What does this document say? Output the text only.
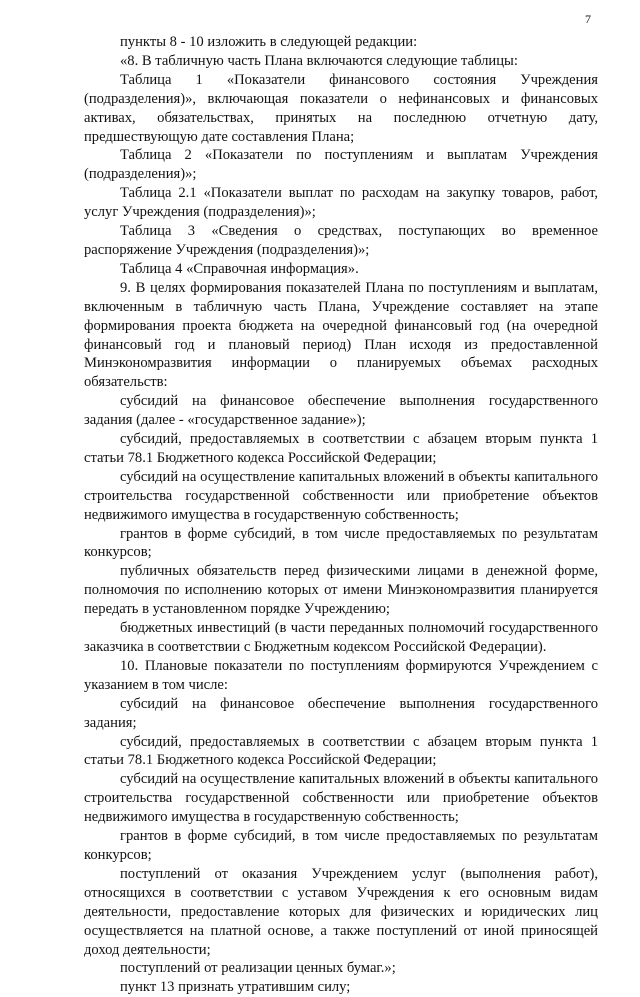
7

пункты 8 - 10 изложить в следующей редакции:

«8. В табличную часть Плана включаются следующие таблицы:

Таблица 1 «Показатели финансового состояния Учреждения (подразделения)», включающая показатели о нефинансовых и финансовых активах, обязательствах, принятых на последнюю отчетную дату, предшествующую дате составления Плана;

Таблица 2 «Показатели по поступлениям и выплатам Учреждения (подразделения)»;

Таблица 2.1 «Показатели выплат по расходам на закупку товаров, работ, услуг Учреждения (подразделения)»;

Таблица 3 «Сведения о средствах, поступающих во временное распоряжение Учреждения (подразделения)»;

Таблица 4 «Справочная информация».

9. В целях формирования показателей Плана по поступлениям и выплатам, включенным в табличную часть Плана, Учреждение составляет на этапе формирования проекта бюджета на очередной финансовый год (на очередной финансовый год и плановый период) План исходя из предоставленной Минэкономразвития информации о планируемых объемах расходных обязательств:

субсидий на финансовое обеспечение выполнения государственного задания (далее - «государственное задание»);

субсидий, предоставляемых в соответствии с абзацем вторым пункта 1 статьи 78.1 Бюджетного кодекса Российской Федерации;

субсидий на осуществление капитальных вложений в объекты капитального строительства государственной собственности или приобретение объектов недвижимого имущества в государственную собственность;

грантов в форме субсидий, в том числе предоставляемых по результатам конкурсов;

публичных обязательств перед физическими лицами в денежной форме, полномочия по исполнению которых от имени Минэкономразвития планируется передать в установленном порядке Учреждению;

бюджетных инвестиций (в части переданных полномочий государственного заказчика в соответствии с Бюджетным кодексом Российской Федерации).

10. Плановые показатели по поступлениям формируются Учреждением с указанием в том числе:

субсидий на финансовое обеспечение выполнения государственного задания;

субсидий, предоставляемых в соответствии с абзацем вторым пункта 1 статьи 78.1 Бюджетного кодекса Российской Федерации;

субсидий на осуществление капитальных вложений в объекты капитального строительства государственной собственности или приобретение объектов недвижимого имущества в государственную собственность;

грантов в форме субсидий, в том числе предоставляемых по результатам конкурсов;

поступлений от оказания Учреждением услуг (выполнения работ), относящихся в соответствии с уставом Учреждения к его основным видам деятельности, предоставление которых для физических и юридических лиц осуществляется на платной основе, а также поступлений от иной приносящей доход деятельности;

поступлений от реализации ценных бумаг.»;

пункт 13 признать утратившим силу;
